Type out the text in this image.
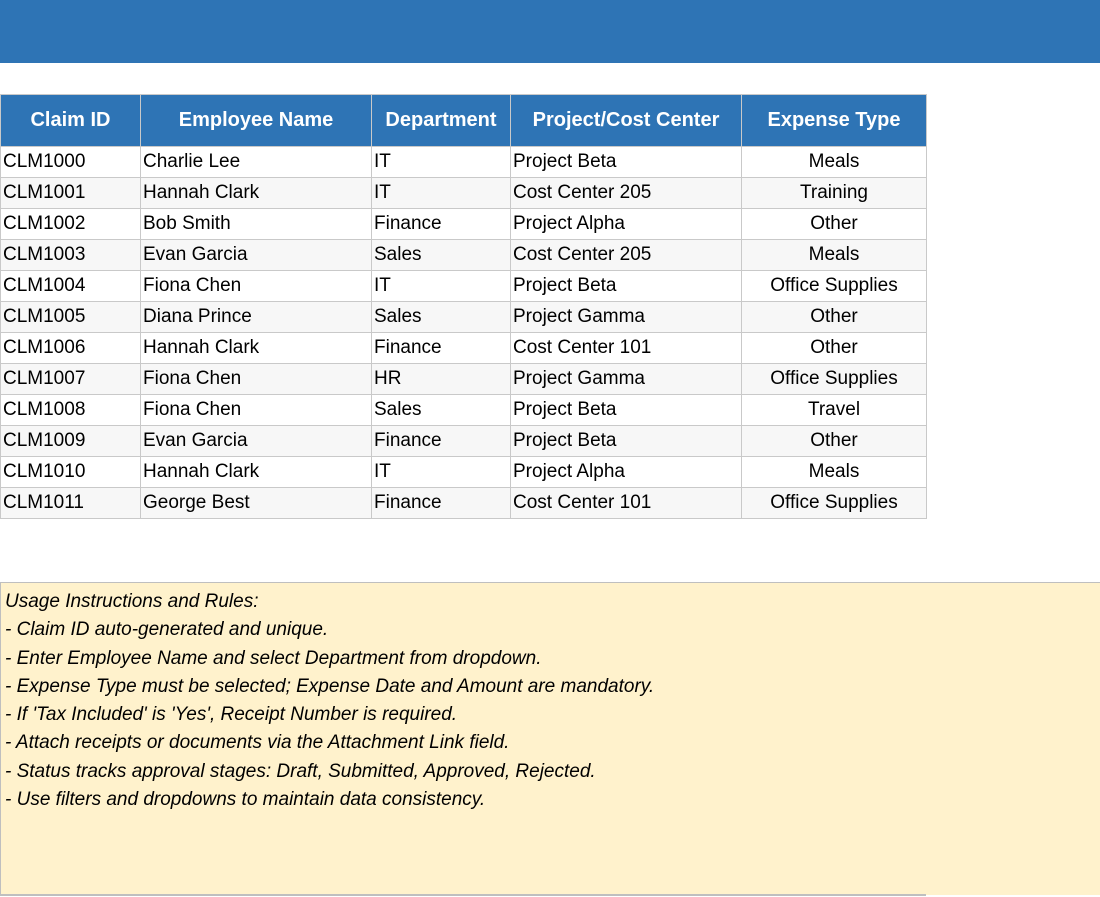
Claim ID	Employee Name	Department	Project/Cost Center	Expense Type
CLM1000	Charlie Lee	IT	Project Beta	Meals
CLM1001	Hannah Clark	IT	Cost Center 205	Training
CLM1002	Bob Smith	Finance	Project Alpha	Other
CLM1003	Evan Garcia	Sales	Cost Center 205	Meals
CLM1004	Fiona Chen	IT	Project Beta	Office Supplies
CLM1005	Diana Prince	Sales	Project Gamma	Other
CLM1006	Hannah Clark	Finance	Cost Center 101	Other
CLM1007	Fiona Chen	HR	Project Gamma	Office Supplies
CLM1008	Fiona Chen	Sales	Project Beta	Travel
CLM1009	Evan Garcia	Finance	Project Beta	Other
CLM1010	Hannah Clark	IT	Project Alpha	Meals
CLM1011	George Best	Finance	Cost Center 101	Office Supplies
Usage Instructions and Rules:
- Claim ID auto-generated and unique.
- Enter Employee Name and select Department from dropdown.
- Expense Type must be selected; Expense Date and Amount are mandatory.
- If 'Tax Included' is 'Yes', Receipt Number is required.
- Attach receipts or documents via the Attachment Link field.
- Status tracks approval stages: Draft, Submitted, Approved, Rejected.
- Use filters and dropdowns to maintain data consistency.
